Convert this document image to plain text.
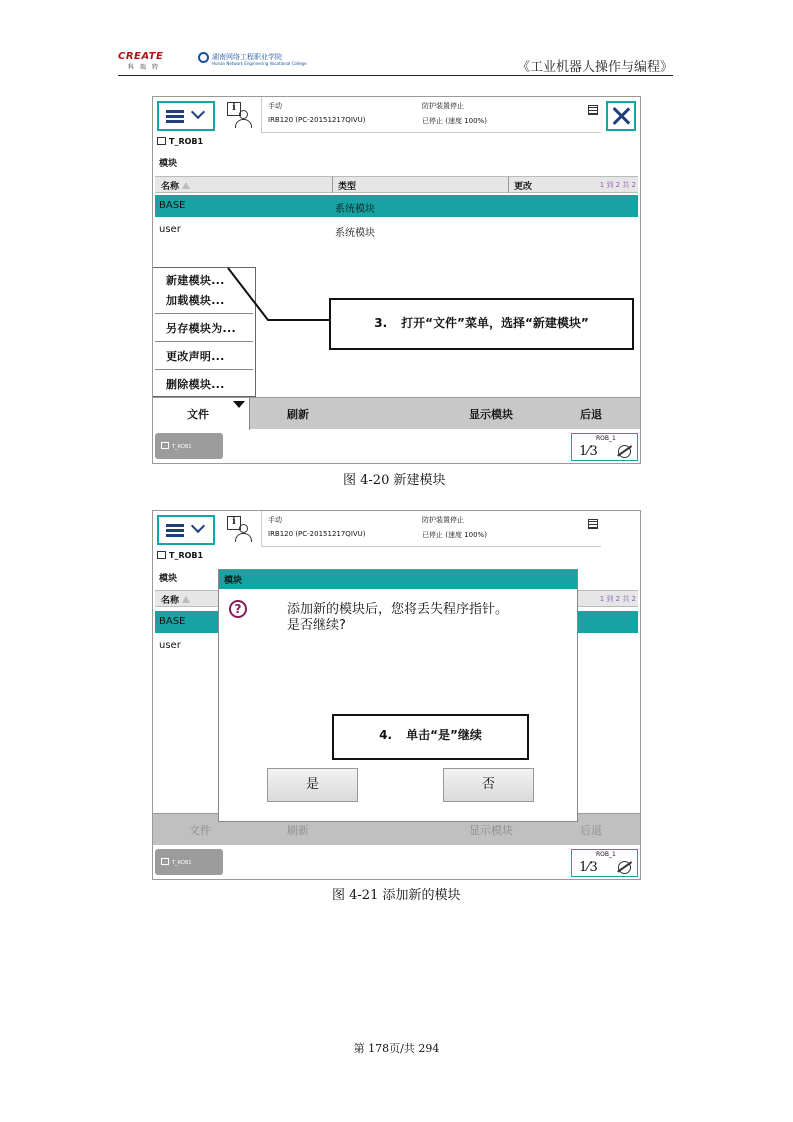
CREATE
科 瑞 特
湖南网络工程职业学院
Hunan Network Engineering Vocational College	《工业机器人操作与编程》
i	手动
IRB120 (PC-20151217QIVU)
防护装置停止
已停止 (速度 100%)
T_ROB1
模块
名称	类型	更改	1 到 2 共 2
BASE	系统模块
user	系统模块
新建模块...
加载模块...
另存模块为...
更改声明...
删除模块...
文件	刷新	显示模块	后退
T_ROB1
ROB_1
1⁄3
3. 打开“文件”菜单，选择“新建模块”
图 4-20 新建模块
i	手动
IRB120 (PC-20151217QIVU)
防护装置停止
已停止 (速度 100%)
T_ROB1
模块
名称	1 到 2 共 2
BASE
user
文件	刷新	显示模块	后退
模块
?	添加新的模块后，您将丢失程序指针。
是否继续?
是	否
T_ROB1
ROB_1
1⁄3
4. 单击“是”继续
图 4-21 添加新的模块
第 178页/共 294
